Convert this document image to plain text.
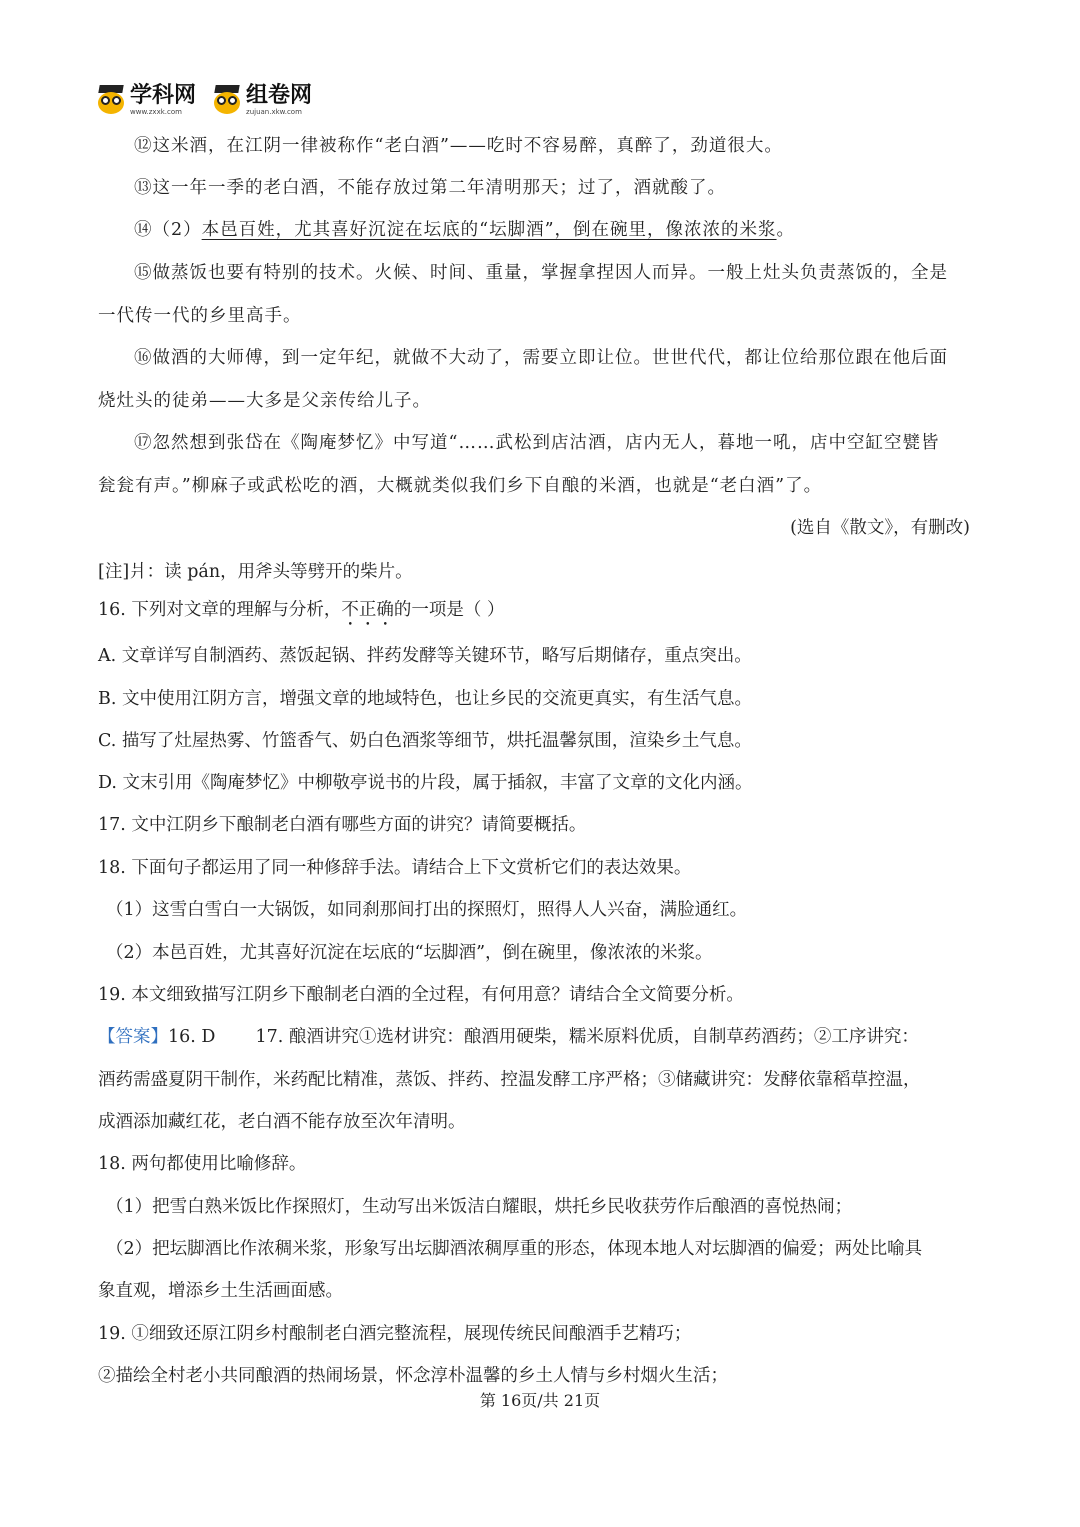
学科网
www.zxxk.com
组卷网
zujuan.xkw.com
⑫这米酒，在江阴一律被称作“老白酒”——吃时不容易醉，真醉了，劲道很大。
⑬这一年一季的老白酒，不能存放过第二年清明那天；过了，酒就酸了。
⑭（2）本邑百姓，尤其喜好沉淀在坛底的“坛脚酒”，倒在碗里，像浓浓的米浆。
⑮做蒸饭也要有特别的技术。火候、时间、重量，掌握拿捏因人而异。一般上灶头负责蒸饭的，全是
一代传一代的乡里高手。
⑯做酒的大师傅，到一定年纪，就做不大动了，需要立即让位。世世代代，都让位给那位跟在他后面
烧灶头的徒弟——大多是父亲传给儿子。
⑰忽然想到张岱在《陶庵梦忆》中写道“……武松到店沽酒，店内无人，暮地一吼，店中空缸空甓皆
瓮瓮有声。”柳麻子或武松吃的酒，大概就类似我们乡下自酿的米酒，也就是“老白酒”了。
(选自《散文》，有删改)
[注]爿：读 pán，用斧头等劈开的柴片。
16. 下列对文章的理解与分析，不正确的一项是（ ）
A. 文章详写自制酒药、蒸饭起锅、拌药发酵等关键环节，略写后期储存，重点突出。
B. 文中使用江阴方言，增强文章的地域特色，也让乡民的交流更真实，有生活气息。
C. 描写了灶屋热雾、竹篮香气、奶白色酒浆等细节，烘托温馨氛围，渲染乡土气息。
D. 文末引用《陶庵梦忆》中柳敬亭说书的片段，属于插叙，丰富了文章的文化内涵。
17. 文中江阴乡下酿制老白酒有哪些方面的讲究？请简要概括。
18. 下面句子都运用了同一种修辞手法。请结合上下文赏析它们的表达效果。
（1）这雪白雪白一大锅饭，如同刹那间打出的探照灯，照得人人兴奋，满脸通红。
（2）本邑百姓，尤其喜好沉淀在坛底的“坛脚酒”，倒在碗里，像浓浓的米浆。
19. 本文细致描写江阴乡下酿制老白酒的全过程，有何用意？请结合全文简要分析。
【答案】16. D 17. 酿酒讲究①选材讲究：酿酒用硬柴，糯米原料优质，自制草药酒药；②工序讲究：
酒药需盛夏阴干制作，米药配比精准，蒸饭、拌药、控温发酵工序严格；③储藏讲究：发酵依靠稻草控温，
成酒添加藏红花，老白酒不能存放至次年清明。
18. 两句都使用比喻修辞。
（1）把雪白熟米饭比作探照灯，生动写出米饭洁白耀眼，烘托乡民收获劳作后酿酒的喜悦热闹；
（2）把坛脚酒比作浓稠米浆，形象写出坛脚酒浓稠厚重的形态，体现本地人对坛脚酒的偏爱；两处比喻具
象直观，增添乡土生活画面感。
19. ①细致还原江阴乡村酿制老白酒完整流程，展现传统民间酿酒手艺精巧；
②描绘全村老小共同酿酒的热闹场景，怀念淳朴温馨的乡土人情与乡村烟火生活；
第 16页/共 21页
